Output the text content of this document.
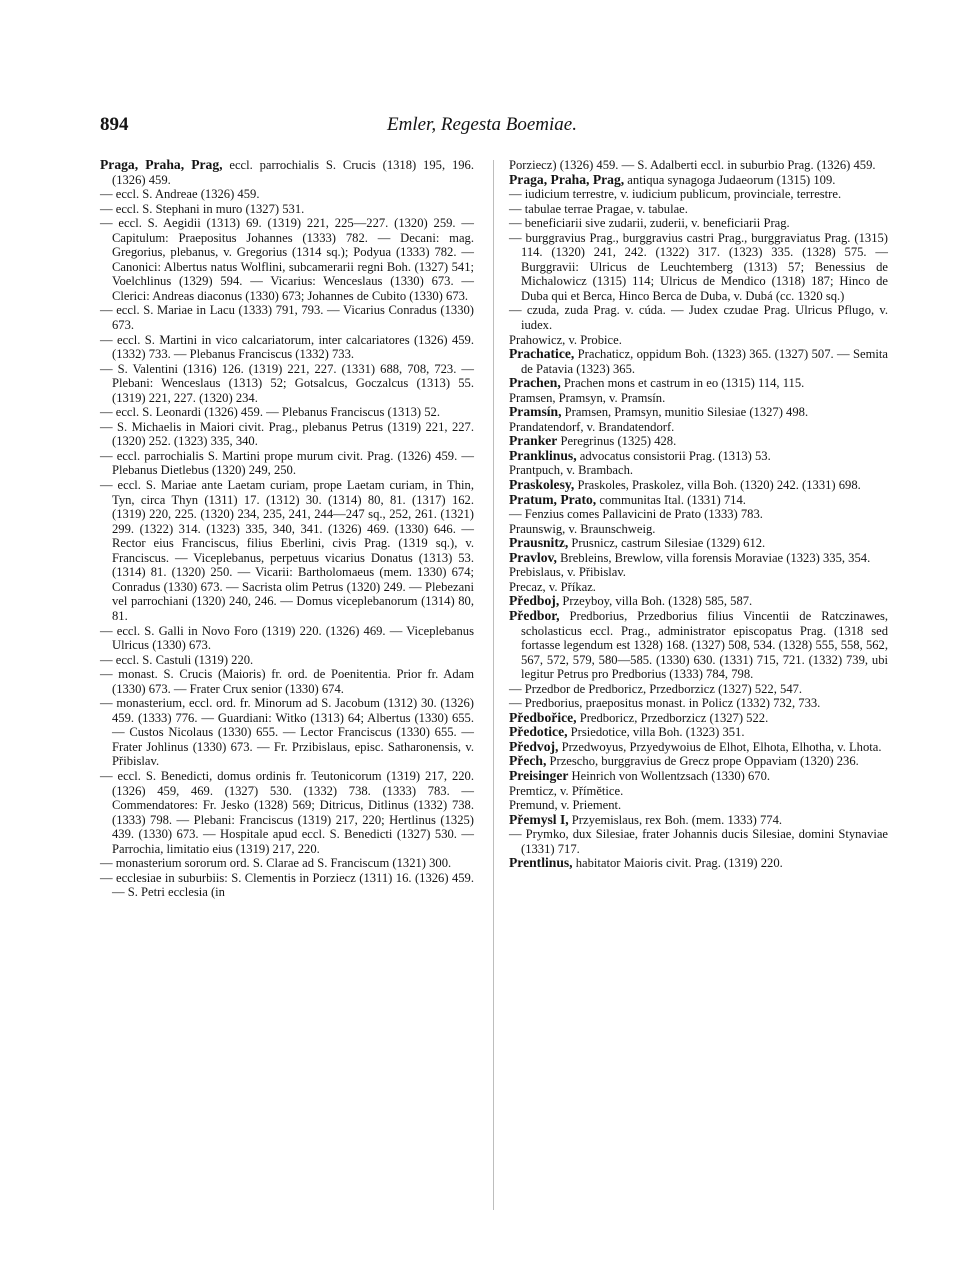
894	Emler, Regesta Boemiae.

Praga, Praha, Prag, eccl. parrochialis S. Crucis (1318) 195, 196. (1326) 459.

— eccl. S. Andreae (1326) 459.

— eccl. S. Stephani in muro (1327) 531.

— eccl. S. Aegidii (1313) 69. (1319) 221, 225—227. (1320) 259. — Capitulum: Praepositus Johannes (1333) 782. — Decani: mag. Gregorius, plebanus, v. Gregorius (1314 sq.); Podyua (1333) 782. — Canonici: Albertus natus Wolflini, subcamerarii regni Boh. (1327) 541; Voelchlinus (1329) 594. — Vicarius: Wenceslaus (1330) 673. — Clerici: Andreas diaconus (1330) 673; Johannes de Cubito (1330) 673.

— eccl. S. Mariae in Lacu (1333) 791, 793. — Vicarius Conradus (1330) 673.

— eccl. S. Martini in vico calcariatorum, inter calcariatores (1326) 459. (1332) 733. — Plebanus Franciscus (1332) 733.

— S. Valentini (1316) 126. (1319) 221, 227. (1331) 688, 708, 723. — Plebani: Wenceslaus (1313) 52; Gotsalcus, Goczalcus (1313) 55. (1319) 221, 227. (1320) 234.

— eccl. S. Leonardi (1326) 459. — Plebanus Franciscus (1313) 52.

— S. Michaelis in Maiori civit. Prag., plebanus Petrus (1319) 221, 227. (1320) 252. (1323) 335, 340.

— eccl. parrochialis S. Martini prope murum civit. Prag. (1326) 459. — Plebanus Dietlebus (1320) 249, 250.

— eccl. S. Mariae ante Laetam curiam, prope Laetam curiam, in Thin, Tyn, circa Thyn (1311) 17. (1312) 30. (1314) 80, 81. (1317) 162. (1319) 220, 225. (1320) 234, 235, 241, 244—247 sq., 252, 261. (1321) 299. (1322) 314. (1323) 335, 340, 341. (1326) 469. (1330) 646. — Rector eius Franciscus, filius Eberlini, civis Prag. (1319 sq.), v. Franciscus. — Viceplebanus, perpetuus vicarius Donatus (1313) 53. (1314) 81. (1320) 250. — Vicarii: Bartholomaeus (mem. 1330) 674; Conradus (1330) 673. — Sacrista olim Petrus (1320) 249. — Plebezani vel parrochiani (1320) 240, 246. — Domus viceplebanorum (1314) 80, 81.

— eccl. S. Galli in Novo Foro (1319) 220. (1326) 469. — Viceplebanus Ulricus (1330) 673.

— eccl. S. Castuli (1319) 220.

— monast. S. Crucis (Maioris) fr. ord. de Poenitentia. Prior fr. Adam (1330) 673. — Frater Crux senior (1330) 674.

— monasterium, eccl. ord. fr. Minorum ad S. Jacobum (1312) 30. (1326) 459. (1333) 776. — Guardiani: Witko (1313) 64; Albertus (1330) 655. — Custos Nicolaus (1330) 655. — Lector Franciscus (1330) 655. — Frater Johlinus (1330) 673. — Fr. Przibislaus, episc. Satharonensis, v. Přibislav.

— eccl. S. Benedicti, domus ordinis fr. Teutonicorum (1319) 217, 220. (1326) 459, 469. (1327) 530. (1332) 738. (1333) 783. — Commendatores: Fr. Jesko (1328) 569; Ditricus, Ditlinus (1332) 738. (1333) 798. — Plebani: Franciscus (1319) 217, 220; Hertlinus (1325) 439. (1330) 673. — Hospitale apud eccl. S. Benedicti (1327) 530. — Parrochia, limitatio eius (1319) 217, 220.

— monasterium sororum ord. S. Clarae ad S. Franciscum (1321) 300.

— ecclesiae in suburbiis: S. Clementis in Porziecz (1311) 16. (1326) 459. — S. Petri ecclesia (in

Porziecz) (1326) 459. — S. Adalberti eccl. in suburbio Prag. (1326) 459.

Praga, Praha, Prag, antiqua synagoga Judaeorum (1315) 109.

— iudicium terrestre, v. iudicium publicum, provinciale, terrestre.

— tabulae terrae Pragae, v. tabulae.

— beneficiarii sive zudarii, zuderii, v. beneficiarii Prag.

— burggravius Prag., burggravius castri Prag., burggraviatus Prag. (1315) 114. (1320) 241, 242. (1322) 317. (1323) 335. (1328) 575. — Burggravii: Ulricus de Leuchtemberg (1313) 57; Benessius de Michalowicz (1315) 114; Ulricus de Mendico (1318) 187; Hinco de Duba qui et Berca, Hinco Berca de Duba, v. Dubá (cc. 1320 sq.)

— czuda, zuda Prag. v. cúda. — Judex czudae Prag. Ulricus Pflugo, v. iudex.

Prahowicz, v. Probice.

Prachatice, Prachaticz, oppidum Boh. (1323) 365. (1327) 507. — Semita de Patavia (1323) 365.

Prachen, Prachen mons et castrum in eo (1315) 114, 115.

Pramsen, Pramsyn, v. Pramsín.

Pramsín, Pramsen, Pramsyn, munitio Silesiae (1327) 498.

Prandatendorf, v. Brandatendorf.

Pranker Peregrinus (1325) 428.

Pranklinus, advocatus consistorii Prag. (1313) 53.

Prantpuch, v. Brambach.

Praskolesy, Praskoles, Praskolez, villa Boh. (1320) 242. (1331) 698.

Pratum, Prato, communitas Ital. (1331) 714.

— Fenzius comes Pallavicini de Prato (1333) 783.

Praunswig, v. Braunschweig.

Prausnitz, Prusnicz, castrum Silesiae (1329) 612.

Pravlov, Brebleins, Brewlow, villa forensis Moraviae (1323) 335, 354.

Prebislaus, v. Přibislav.

Precaz, v. Příkaz.

Předboj, Przeyboy, villa Boh. (1328) 585, 587.

Předbor, Predborius, Przedborius filius Vincentii de Ratczinawes, scholasticus eccl. Prag., administrator episcopatus Prag. (1318 sed fortasse legendum est 1328) 168. (1327) 508, 534. (1328) 555, 558, 562, 567, 572, 579, 580—585. (1330) 630. (1331) 715, 721. (1332) 739, ubi legitur Petrus pro Predborius (1333) 784, 798.

— Przedbor de Predboricz, Przedborzicz (1327) 522, 547.

— Predborius, praepositus monast. in Policz (1332) 732, 733.

Předbořice, Predboricz, Przedborzicz (1327) 522.

Předotice, Prsiedotice, villa Boh. (1323) 351.

Předvoj, Przedwoyus, Przyedywoius de Elhot, Elhota, Elhotha, v. Lhota.

Přech, Przescho, burggravius de Grecz prope Oppaviam (1320) 236.

Preisinger Heinrich von Wollentzsach (1330) 670.

Premticz, v. Přímětice.

Premund, v. Priement.

Přemysl I, Przyemislaus, rex Boh. (mem. 1333) 774.

— Prymko, dux Silesiae, frater Johannis ducis Silesiae, domini Stynaviae (1331) 717.

Prentlinus, habitator Maioris civit. Prag. (1319) 220.
